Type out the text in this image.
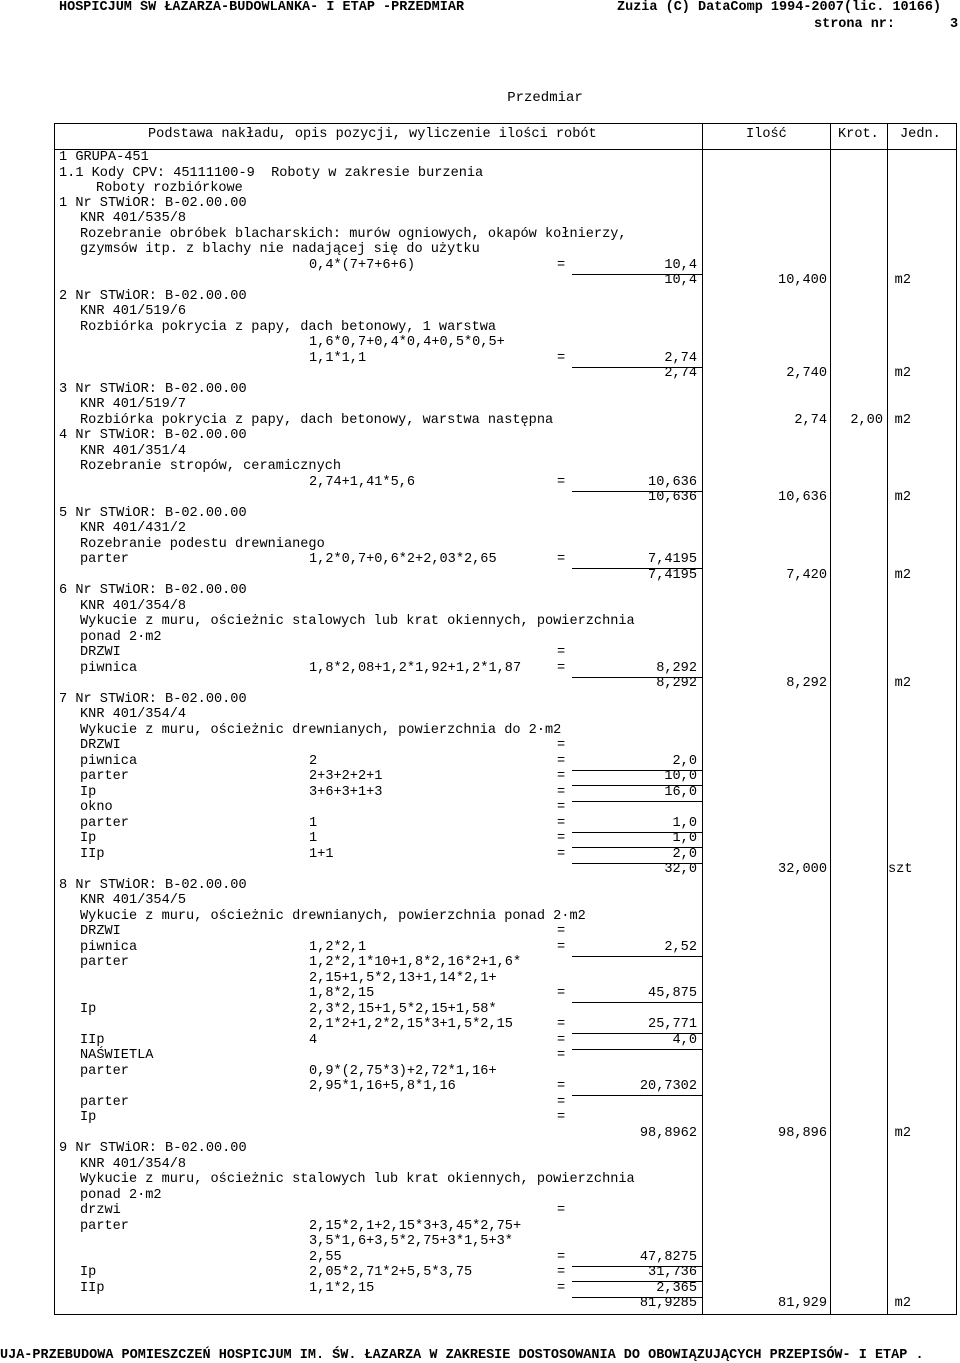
HOSPICJUM ŚW ŁAZARZA-BUDOWLANKA- I ETAP -PRZEDMIAR	Zuzia (C) DataComp 1994-2007(lic. 10166)
strona nr:	3
Przedmiar
Podstawa nakładu, opis pozycji, wyliczenie ilości robót	Ilość	Krot. Jedn.
1 GRUPA-451
1.1 Kody CPV: 45111100-9  Roboty w zakresie burzenia
Roboty rozbiórkowe
1 Nr STWiOR: B-02.00.00
KNR 401/535/8
Rozebranie obróbek blacharskich: murów ogniowych, okapów kołnierzy,
gzymsów itp. z blachy nie nadającej się do użytku
0,4*(7+7+6+6)	=	10,4
10,4	10,400	m2
2 Nr STWiOR: B-02.00.00
KNR 401/519/6
Rozbiórka pokrycia z papy, dach betonowy, 1 warstwa
1,6*0,7+0,4*0,4+0,5*0,5+
1,1*1,1	=	2,74
2,74	2,740	m2
3 Nr STWiOR: B-02.00.00
KNR 401/519/7
Rozbiórka pokrycia z papy, dach betonowy, warstwa następna	2,74	2,00 m2
4 Nr STWiOR: B-02.00.00
KNR 401/351/4
Rozebranie stropów, ceramicznych
2,74+1,41*5,6	=	10,636
10,636	10,636	m2
5 Nr STWiOR: B-02.00.00
KNR 401/431/2
Rozebranie podestu drewnianego
parter	1,2*0,7+0,6*2+2,03*2,65	=	7,4195
7,4195	7,420	m2
6 Nr STWiOR: B-02.00.00
KNR 401/354/8
Wykucie z muru, ościeżnic stalowych lub krat okiennych, powierzchnia
ponad 2·m2
DRZWI	=
piwnica	1,8*2,08+1,2*1,92+1,2*1,87	=	8,292
8,292	8,292	m2
7 Nr STWiOR: B-02.00.00
KNR 401/354/4
Wykucie z muru, ościeżnic drewnianych, powierzchnia do 2·m2
DRZWI	=
piwnica	2	=	2,0
parter	2+3+2+2+1	=	10,0
Ip	3+6+3+1+3	=	16,0
okno	=
parter	1	=	1,0
Ip	1	=	1,0
IIp	1+1	=	2,0
32,0	32,000	szt
8 Nr STWiOR: B-02.00.00
KNR 401/354/5
Wykucie z muru, ościeżnic drewnianych, powierzchnia ponad 2·m2
DRZWI	=
piwnica	1,2*2,1	=	2,52
parter	1,2*2,1*10+1,8*2,16*2+1,6*
2,15+1,5*2,13+1,14*2,1+
1,8*2,15	=	45,875
Ip	2,3*2,15+1,5*2,15+1,58*
2,1*2+1,2*2,15*3+1,5*2,15	=	25,771
IIp	4	=	4,0
NAŚWIETLA	=
parter	0,9*(2,75*3)+2,72*1,16+
2,95*1,16+5,8*1,16	=	20,7302
parter	=
Ip	=
98,8962	98,896	m2
9 Nr STWiOR: B-02.00.00
KNR 401/354/8
Wykucie z muru, ościeżnic stalowych lub krat okiennych, powierzchnia
ponad 2·m2
drzwi	=
parter	2,15*2,1+2,15*3+3,45*2,75+
3,5*1,6+3,5*2,75+3*1,5+3*
2,55	=	47,8275
Ip	2,05*2,71*2+5,5*3,75	=	31,736
IIp	1,1*2,15	=	2,365
81,9285	81,929	m2
UJA-PRZEBUDOWA POMIESZCZEŃ HOSPICJUM IM. ŚW. ŁAZARZA W ZAKRESIE DOSTOSOWANIA DO OBOWIĄZUJĄCYCH PRZEPISÓW- I ETAP .
